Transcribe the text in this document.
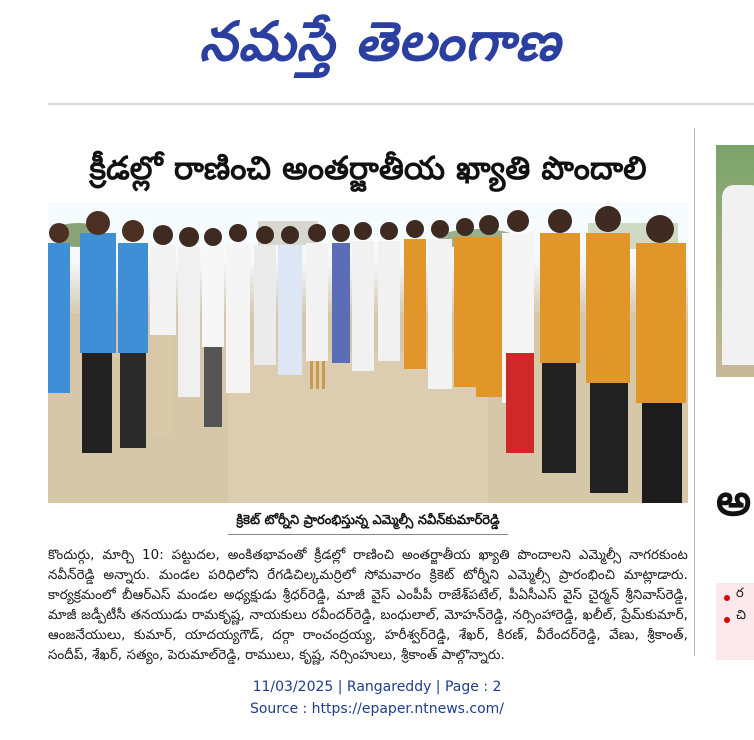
నమస్తే తెలంగాణ
క్రీడల్లో రాణించి అంతర్జాతీయ ఖ్యాతి పొందాలి
క్రికెట్ టోర్నీని ప్రారంభిస్తున్న ఎమ్మెల్సీ నవీన్‌కుమార్‌రెడ్డి

కొందుర్గు, మార్చి 10: పట్టుదల, అంకితభావంతో క్రీడల్లో రాణించి అంతర్జాతీయ ఖ్యాతి పొందాలని ఎమ్మెల్సీ నాగరకుంట నవీన్‌రెడ్డి అన్నారు. మండల పరిధిలోని రేగడిచిల్కమర్రిలో సోమవారం క్రికెట్ టోర్నీని ఎమ్మెల్సీ ప్రారంభించి మాట్లాడారు. కార్యక్రమంలో బీఆర్‌ఎస్ మండల అధ్యక్షుడు శ్రీధర్‌రెడ్డి, మాజీ వైస్ ఎంపీపీ రాజేశ్‌పటేల్, పీఏసీఎస్ వైస్ చైర్మన్ శ్రీనివాస్‌రెడ్డి, మాజీ జడ్పీటీసీ తనయుడు రామకృష్ణ, నాయకులు రవీందర్‌రెడ్డి, బంధులాల్, మోహన్‌రెడ్డి, నర్సింహారెడ్డి, ఖలీల్, ప్రేమ్‌కుమార్, ఆంజనేయులు, కుమార్, యాదయ్యగౌడ్, దర్గా రాంచంద్రయ్య, హరీశ్వర్‌రెడ్డి, శేఖర్, కిరణ్, వీరేందర్‌రెడ్డి, వేణు, శ్రీకాంత్, సందీప్, శేఖర్, సత్యం, పెరుమాల్‌రెడ్డి, రాములు, కృష్ణ, నర్సింహులు, శ్రీకాంత్ పాల్గొన్నారు.

అ
ర
చి
11/03/2025 | Rangareddy | Page : 2
Source : https://epaper.ntnews.com/
